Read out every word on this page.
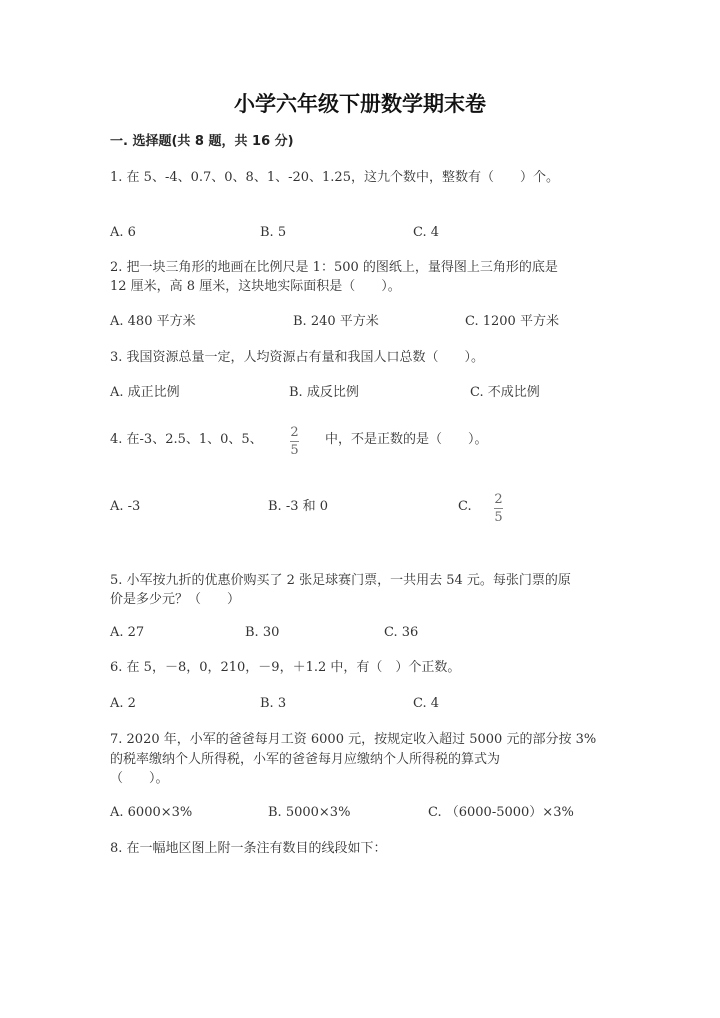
小学六年级下册数学期末卷
一. 选择题(共 8 题，共 16 分)
1. 在 5、-4、0.7、0、8、1、-20、1.25，这九个数中，整数有（　　）个。
A. 6	B. 5	C. 4
2. 把一块三角形的地画在比例尺是 1：500 的图纸上，量得图上三角形的底是
12 厘米，高 8 厘米，这块地实际面积是（　　）。
A. 480 平方米	B. 240 平方米	C. 1200 平方米
3. 我国资源总量一定，人均资源占有量和我国人口总数（　　）。
A. 成正比例	B. 成反比例	C. 不成比例
4. 在-3、2.5、1、0、5、 2
5
中，不是正数的是（　　）。
A. -3	B. -3 和 0	C. 2
5
5. 小军按九折的优惠价购买了 2 张足球赛门票，一共用去 54 元。每张门票的原
价是多少元？（　　）
A. 27	B. 30	C. 36
6. 在 5，－8，0，210，－9，＋1.2 中，有（　）个正数。
A. 2	B. 3	C. 4
7. 2020 年，小军的爸爸每月工资 6000 元，按规定收入超过 5000 元的部分按 3%
的税率缴纳个人所得税，小军的爸爸每月应缴纳个人所得税的算式为
（　　）。
A. 6000×3%	B. 5000×3%	C. （6000-5000）×3%
8. 在一幅地区图上附一条注有数目的线段如下：
